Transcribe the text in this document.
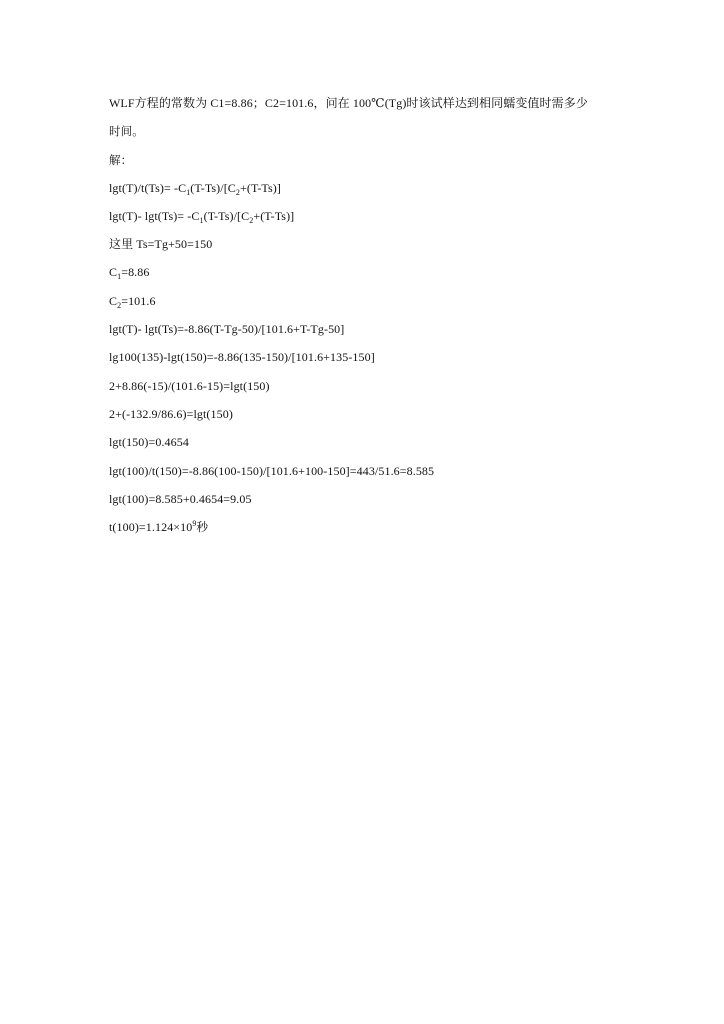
WLF方程的常数为 C1=8.86；C2=101.6，问在 100℃(Tg)时该试样达到相同蠕变值时需多少
时间。
解：
$\lg t(T)/t(Ts)= -C_1(T-Ts)/[C_2+(T-Ts)]$
lgt(T)- $\lg t(Ts)= -C_1(T-Ts)/[C_2+(T-Ts)]$
这里 Ts=Tg+50=150
$C_1=8.86$
$C_2=101.6$
lgt(T)- lgt(Ts)=-8.86(T-Tg-50)/[101.6+T-Tg-50]
lg100(135)-lgt(150)=-8.86(135-150)/[101.6+135-150]
2+8.86(-15)/(101.6-15)=lgt(150)
2+(-132.9/86.6)=lgt(150)
lgt(150)=0.4654
lgt(100)/t(150)=-8.86(100-150)/[101.6+100-150]=443/51.6=8.585
lgt(100)=8.585+0.4654=9.05
$t(100)=1.124\times 10^9$秒
